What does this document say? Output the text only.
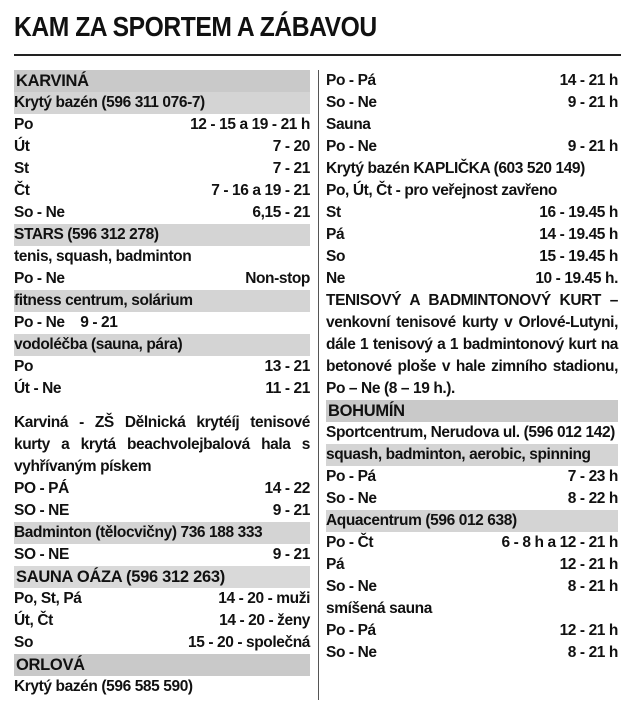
KAM ZA SPORTEM A ZÁBAVOU
KARVINÁ
Krytý bazén (596 311 076-7)
Po	12 - 15 a 19 - 21 h
Út	7 - 20
St	7 - 21
Čt	7 - 16 a 19 - 21
So - Ne	6,15 - 21
STARS (596 312 278)
tenis, squash, badminton
Po - Ne	Non-stop
fitness centrum, solárium
Po - Ne    9 - 21
vodoléčba (sauna, pára)
Po	13 - 21
Út - Ne	11 - 21
Karviná - ZŠ Dělnická krytéíj tenisové kurty a krytá beachvolejbalová hala s vyhřívaným pískem
PO - PÁ	14 - 22
SO - NE	9 - 21
Badminton (tělocvičny) 736 188 333
SO - NE	9 - 21
SAUNA OÁZA (596 312 263)
Po, St, Pá	14 - 20 - muži
Út, Čt	14 - 20 - ženy
So	15 - 20 - společná
ORLOVÁ
Krytý bazén (596 585 590)
Po - Pá	14 - 21 h
So - Ne	9 - 21 h
Sauna
Po - Ne	9 - 21 h
Krytý bazén KAPLIČKA (603 520 149)
Po, Út, Čt - pro veřejnost zavřeno
St	16 - 19.45 h
Pá	14 - 19.45 h
So	15 - 19.45 h
Ne	10 - 19.45 h.
TENISOVÝ A BADMINTONOVÝ KURT – venkovní tenisové kurty v Orlové-Lutyni, dále 1 tenisový a 1 badmintonový kurt na betonové ploše v hale zimního stadionu, Po – Ne (8 – 19 h.).
BOHUMÍN
Sportcentrum, Nerudova ul. (596 012 142)
squash, badminton, aerobic, spinning
Po - Pá	7 - 23 h
So - Ne	8 - 22 h
Aquacentrum (596 012 638)
Po - Čt	6 - 8 h a 12 - 21 h
Pá	12 - 21 h
So - Ne	8 - 21 h
smíšená sauna
Po - Pá	12 - 21 h
So - Ne	8 - 21 h
